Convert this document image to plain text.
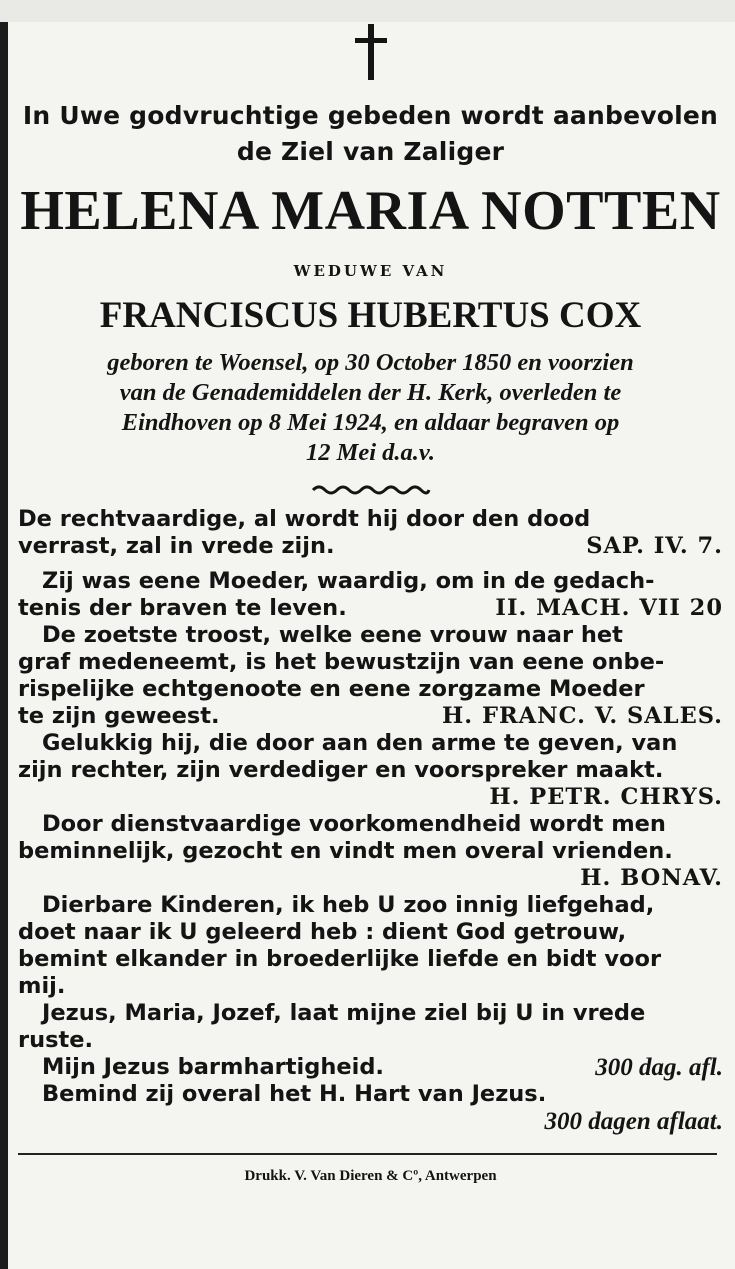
In Uwe godvruchtige gebeden wordt aanbevolen
de Ziel van Zaliger
HELENA MARIA NOTTEN
WEDUWE VAN
FRANCISCUS HUBERTUS COX
geboren te Woensel, op 30 October 1850 en voorzien
van de Genademiddelen der H. Kerk, overleden te
Eindhoven op 8 Mei 1924, en aldaar begraven op
12 Mei d.a.v.

De rechtvaardige, al wordt hij door den dood
SAP. IV. 7.
verrast, zal in vrede zijn.

Zij was eene Moeder, waardig, om in de gedach-
II. MACH. VII 20
tenis der braven te leven.

De zoetste troost, welke eene vrouw naar het
graf medeneemt, is het bewustzijn van eene onbe-
rispelijke echtgenoote en eene zorgzame Moeder
H. FRANC. V. SALES.
te zijn geweest.

Gelukkig hij, die door aan den arme te geven, van
zijn rechter, zijn verdediger en voorspreker maakt.
H. PETR. CHRYS.

Door dienstvaardige voorkomendheid wordt men
beminnelijk, gezocht en vindt men overal vrienden.
H. BONAV.

Dierbare Kinderen, ik heb U zoo innig liefgehad,
doet naar ik U geleerd heb : dient God getrouw,
bemint elkander in broederlijke liefde en bidt voor
mij.

Jezus, Maria, Jozef, laat mijne ziel bij U in vrede
ruste.

300 dag. afl.
Mijn Jezus barmhartigheid.

Bemind zij overal het H. Hart van Jezus.
300 dagen aflaat.

Drukk. V. Van Dieren & Cº, Antwerpen
